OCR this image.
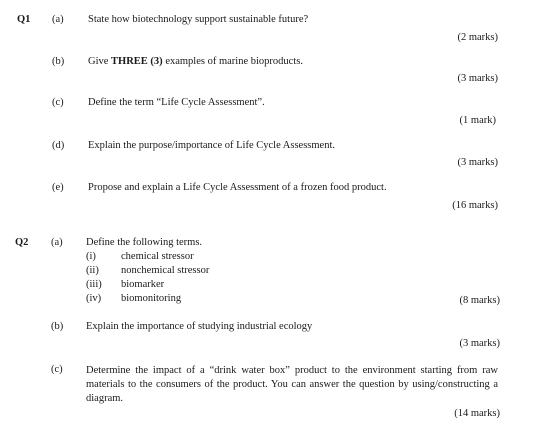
Q1 (a) State how biotechnology support sustainable future?
(2 marks)
(b) Give THREE (3) examples of marine bioproducts.
(3 marks)
(c) Define the term “Life Cycle Assessment”.
(1 mark)
(d) Explain the purpose/importance of Life Cycle Assessment.
(3 marks)
(e) Propose and explain a Life Cycle Assessment of a frozen food product.
(16 marks)
Q2 (a) Define the following terms.
(i) chemical stressor
(ii) nonchemical stressor
(iii) biomarker
(iv) biomonitoring	(8 marks)
(b) Explain the importance of studying industrial ecology
(3 marks)
(c) Determine the impact of a “drink water box” product to the environment starting from raw materials to the consumers of the product. You can answer the question by using/constructing a diagram.
(14 marks)
